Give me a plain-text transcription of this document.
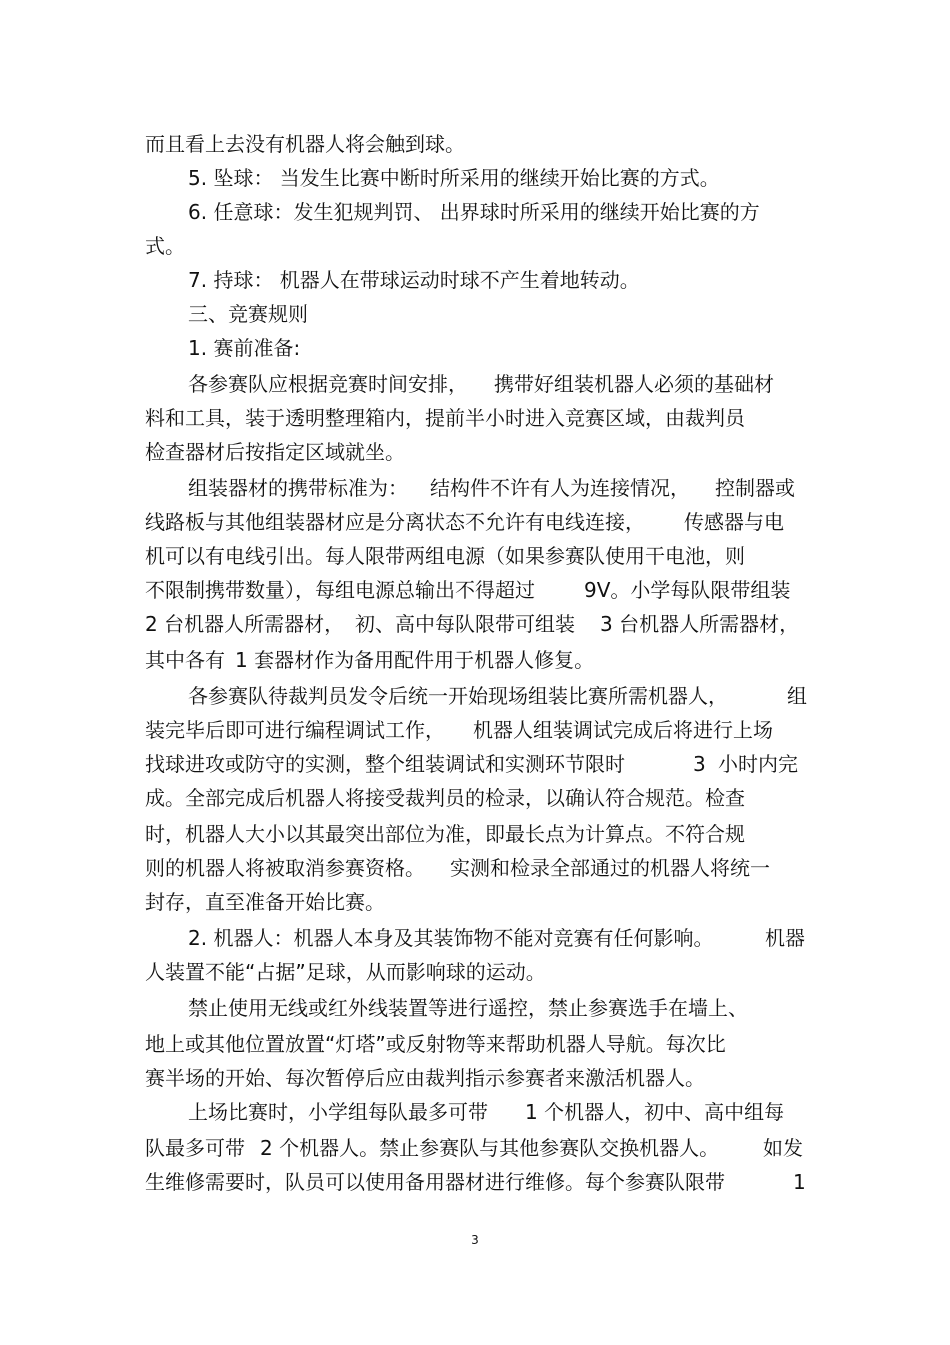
而且看上去没有机器人将会触到球。
5. 坠球： 当发生比赛中断时所采用的继续开始比赛的方式。
6. 任意球：发生犯规判罚、 出界球时所采用的继续开始比赛的方
式。
7. 持球： 机器人在带球运动时球不产生着地转动。
三、竞赛规则
1. 赛前准备:
各参赛队应根据竞赛时间安排， 携带好组装机器人必须的基础材
料和工具，装于透明整理箱内，提前半小时进入竞赛区域，由裁判员
检查器材后按指定区域就坐。
组装器材的携带标准为： 结构件不许有人为连接情况， 控制器或
线路板与其他组装器材应是分离状态不允许有电线连接， 传感器与电
机可以有电线引出。每人限带两组电源（如果参赛队使用干电池，则
不限制携带数量），每组电源总输出不得超过 9V。小学每队限带组装
2 台机器人所需器材， 初、高中每队限带可组装 3 台机器人所需器材，
其中各有 1 套器材作为备用配件用于机器人修复。
各参赛队待裁判员发令后统一开始现场组装比赛所需机器人，	组
装完毕后即可进行编程调试工作， 机器人组装调试完成后将进行上场
找球进攻或防守的实测，整个组装调试和实测环节限时	3 小时内完
成。全部完成后机器人将接受裁判员的检录，以确认符合规范。检查
时，机器人大小以其最突出部位为准，即最长点为计算点。不符合规
则的机器人将被取消参赛资格。 实测和检录全部通过的机器人将统一
封存，直至准备开始比赛。
2. 机器人：机器人本身及其装饰物不能对竞赛有任何影响。	机器
人装置不能“占据”足球，从而影响球的运动。
禁止使用无线或红外线装置等进行遥控，禁止参赛选手在墙上、
地上或其他位置放置“灯塔”或反射物等来帮助机器人导航。每次比
赛半场的开始、每次暂停后应由裁判指示参赛者来激活机器人。
上场比赛时，小学组每队最多可带 1 个机器人，初中、高中组每
队最多可带 2 个机器人。禁止参赛队与其他参赛队交换机器人。 如发
生维修需要时，队员可以使用备用器材进行维修。每个参赛队限带	1
3
